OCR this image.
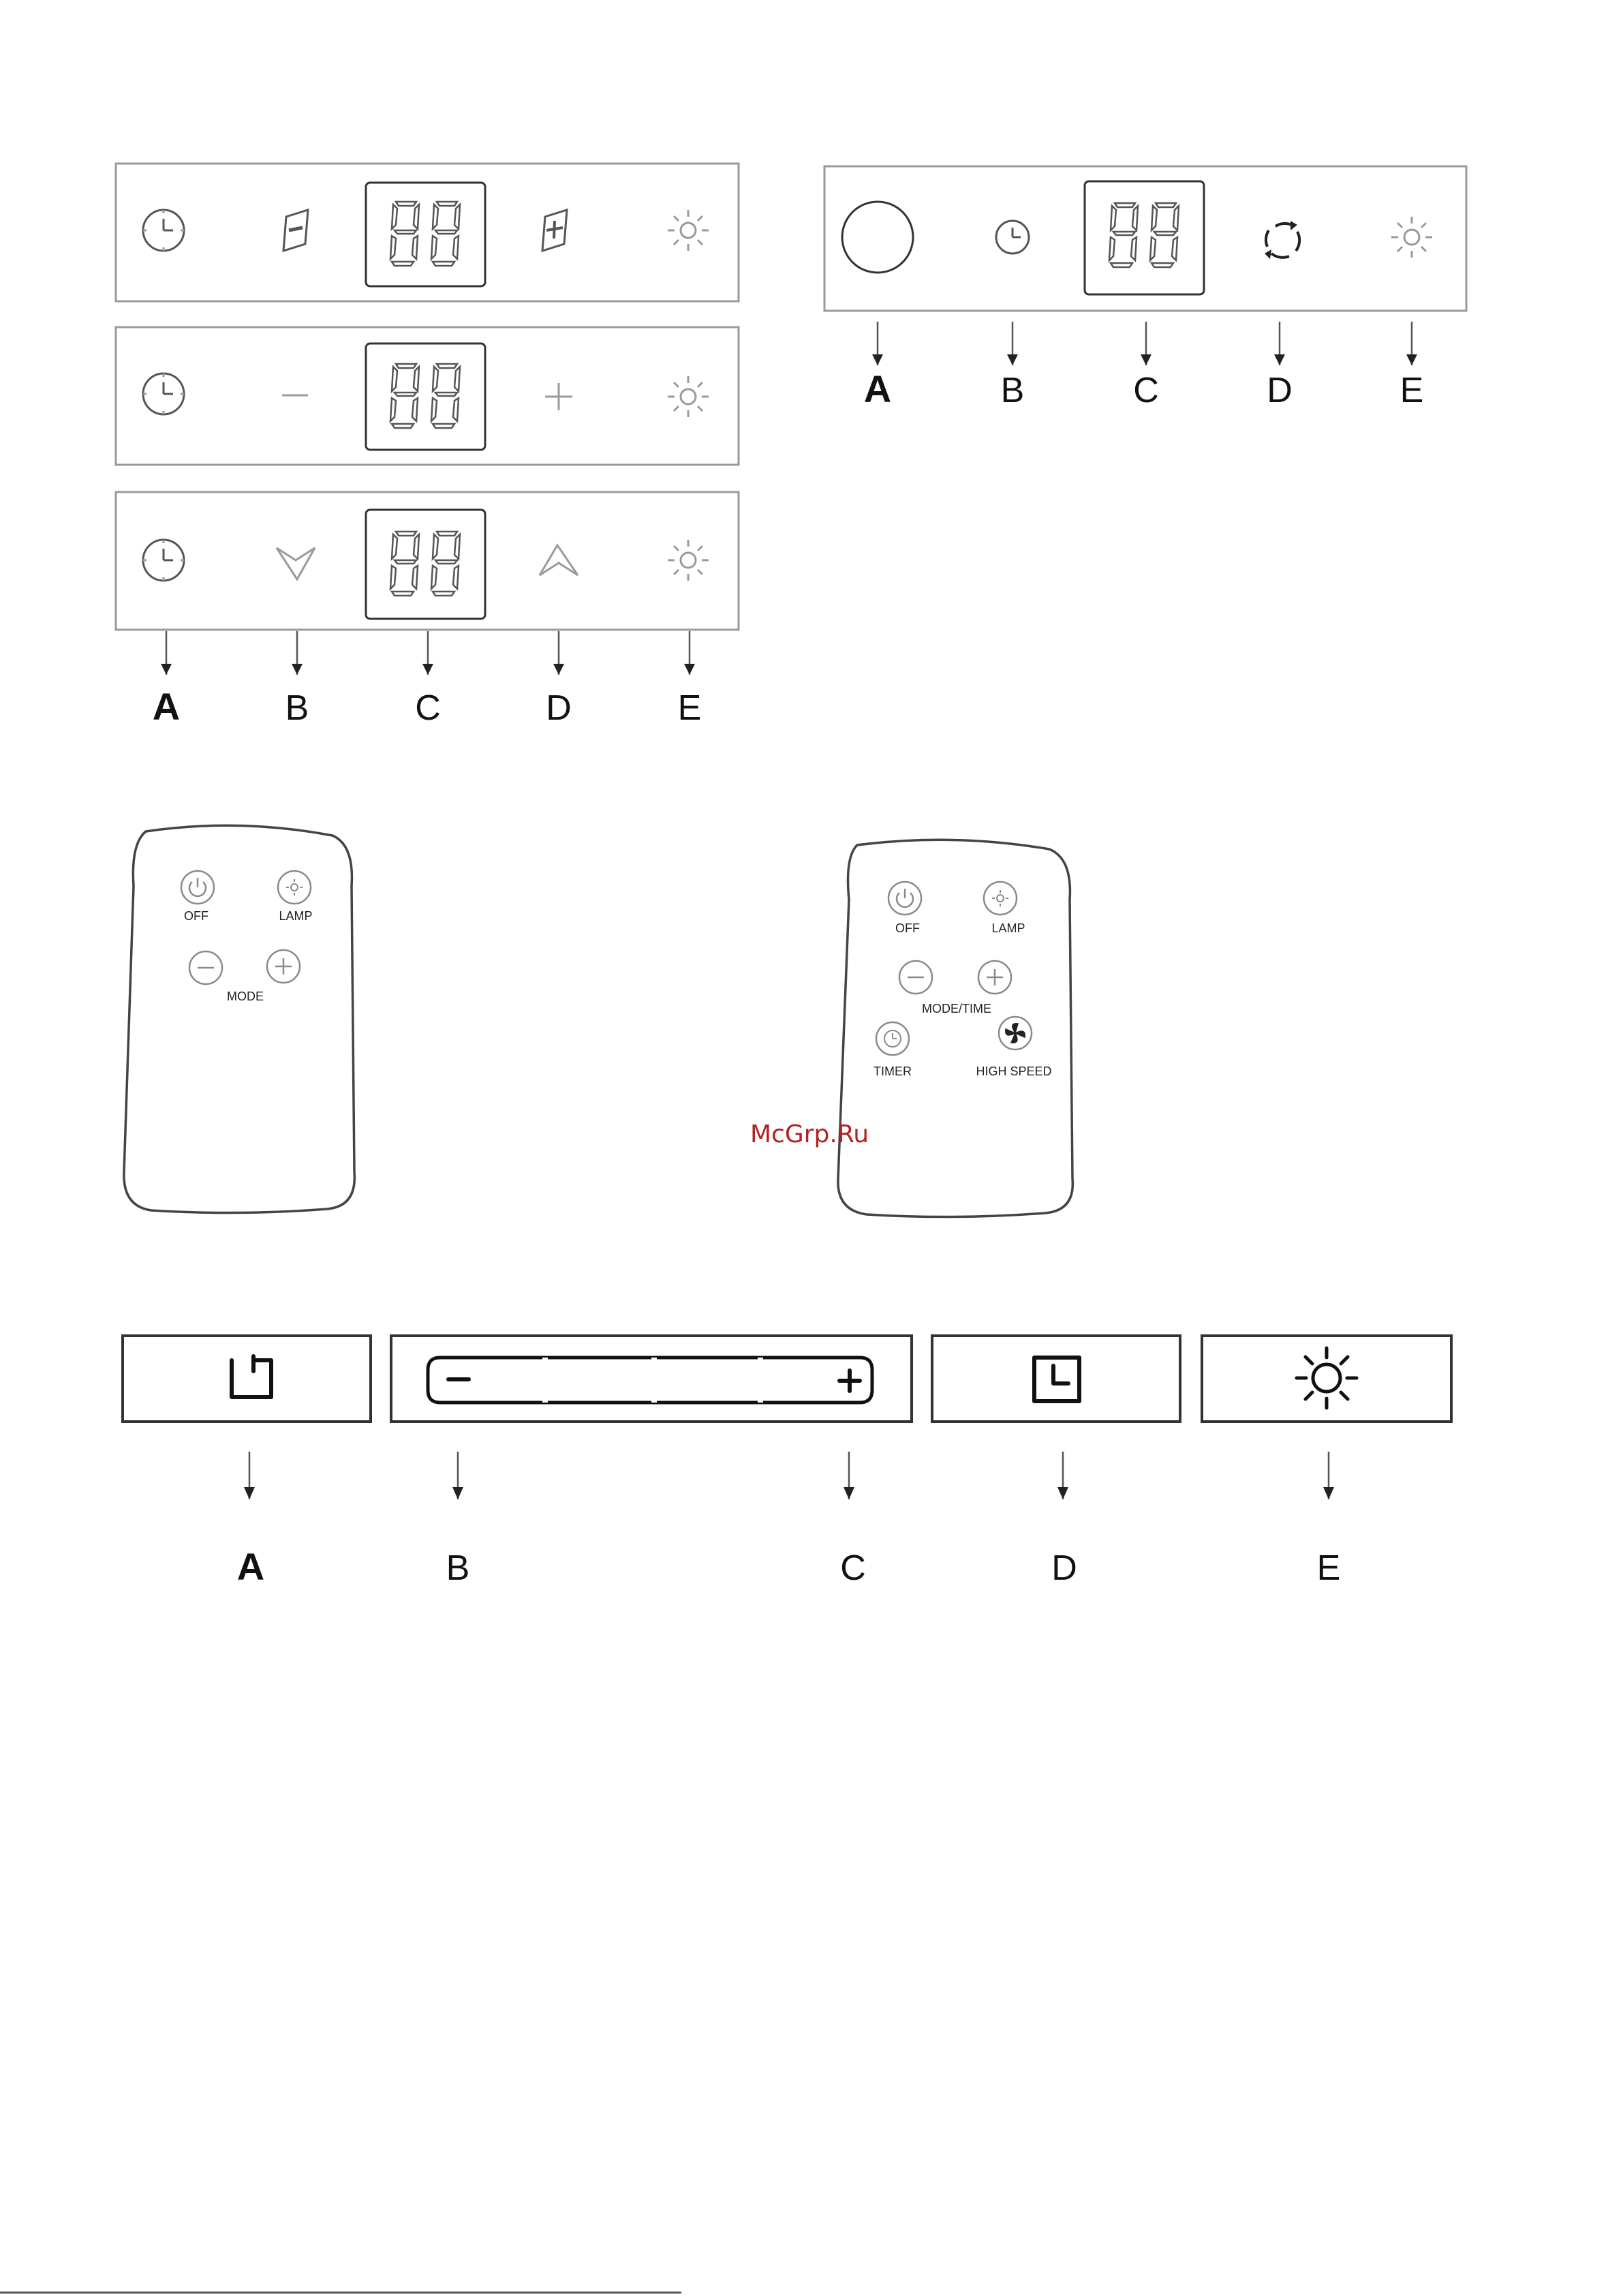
A	B	C	D	E
A	B	C	D	E
OFF	LAMP
MODE
OFF	LAMP
MODE/TIME
TIMER	HIGH SPEED
McGrp.Ru
A	B	C	D	E
